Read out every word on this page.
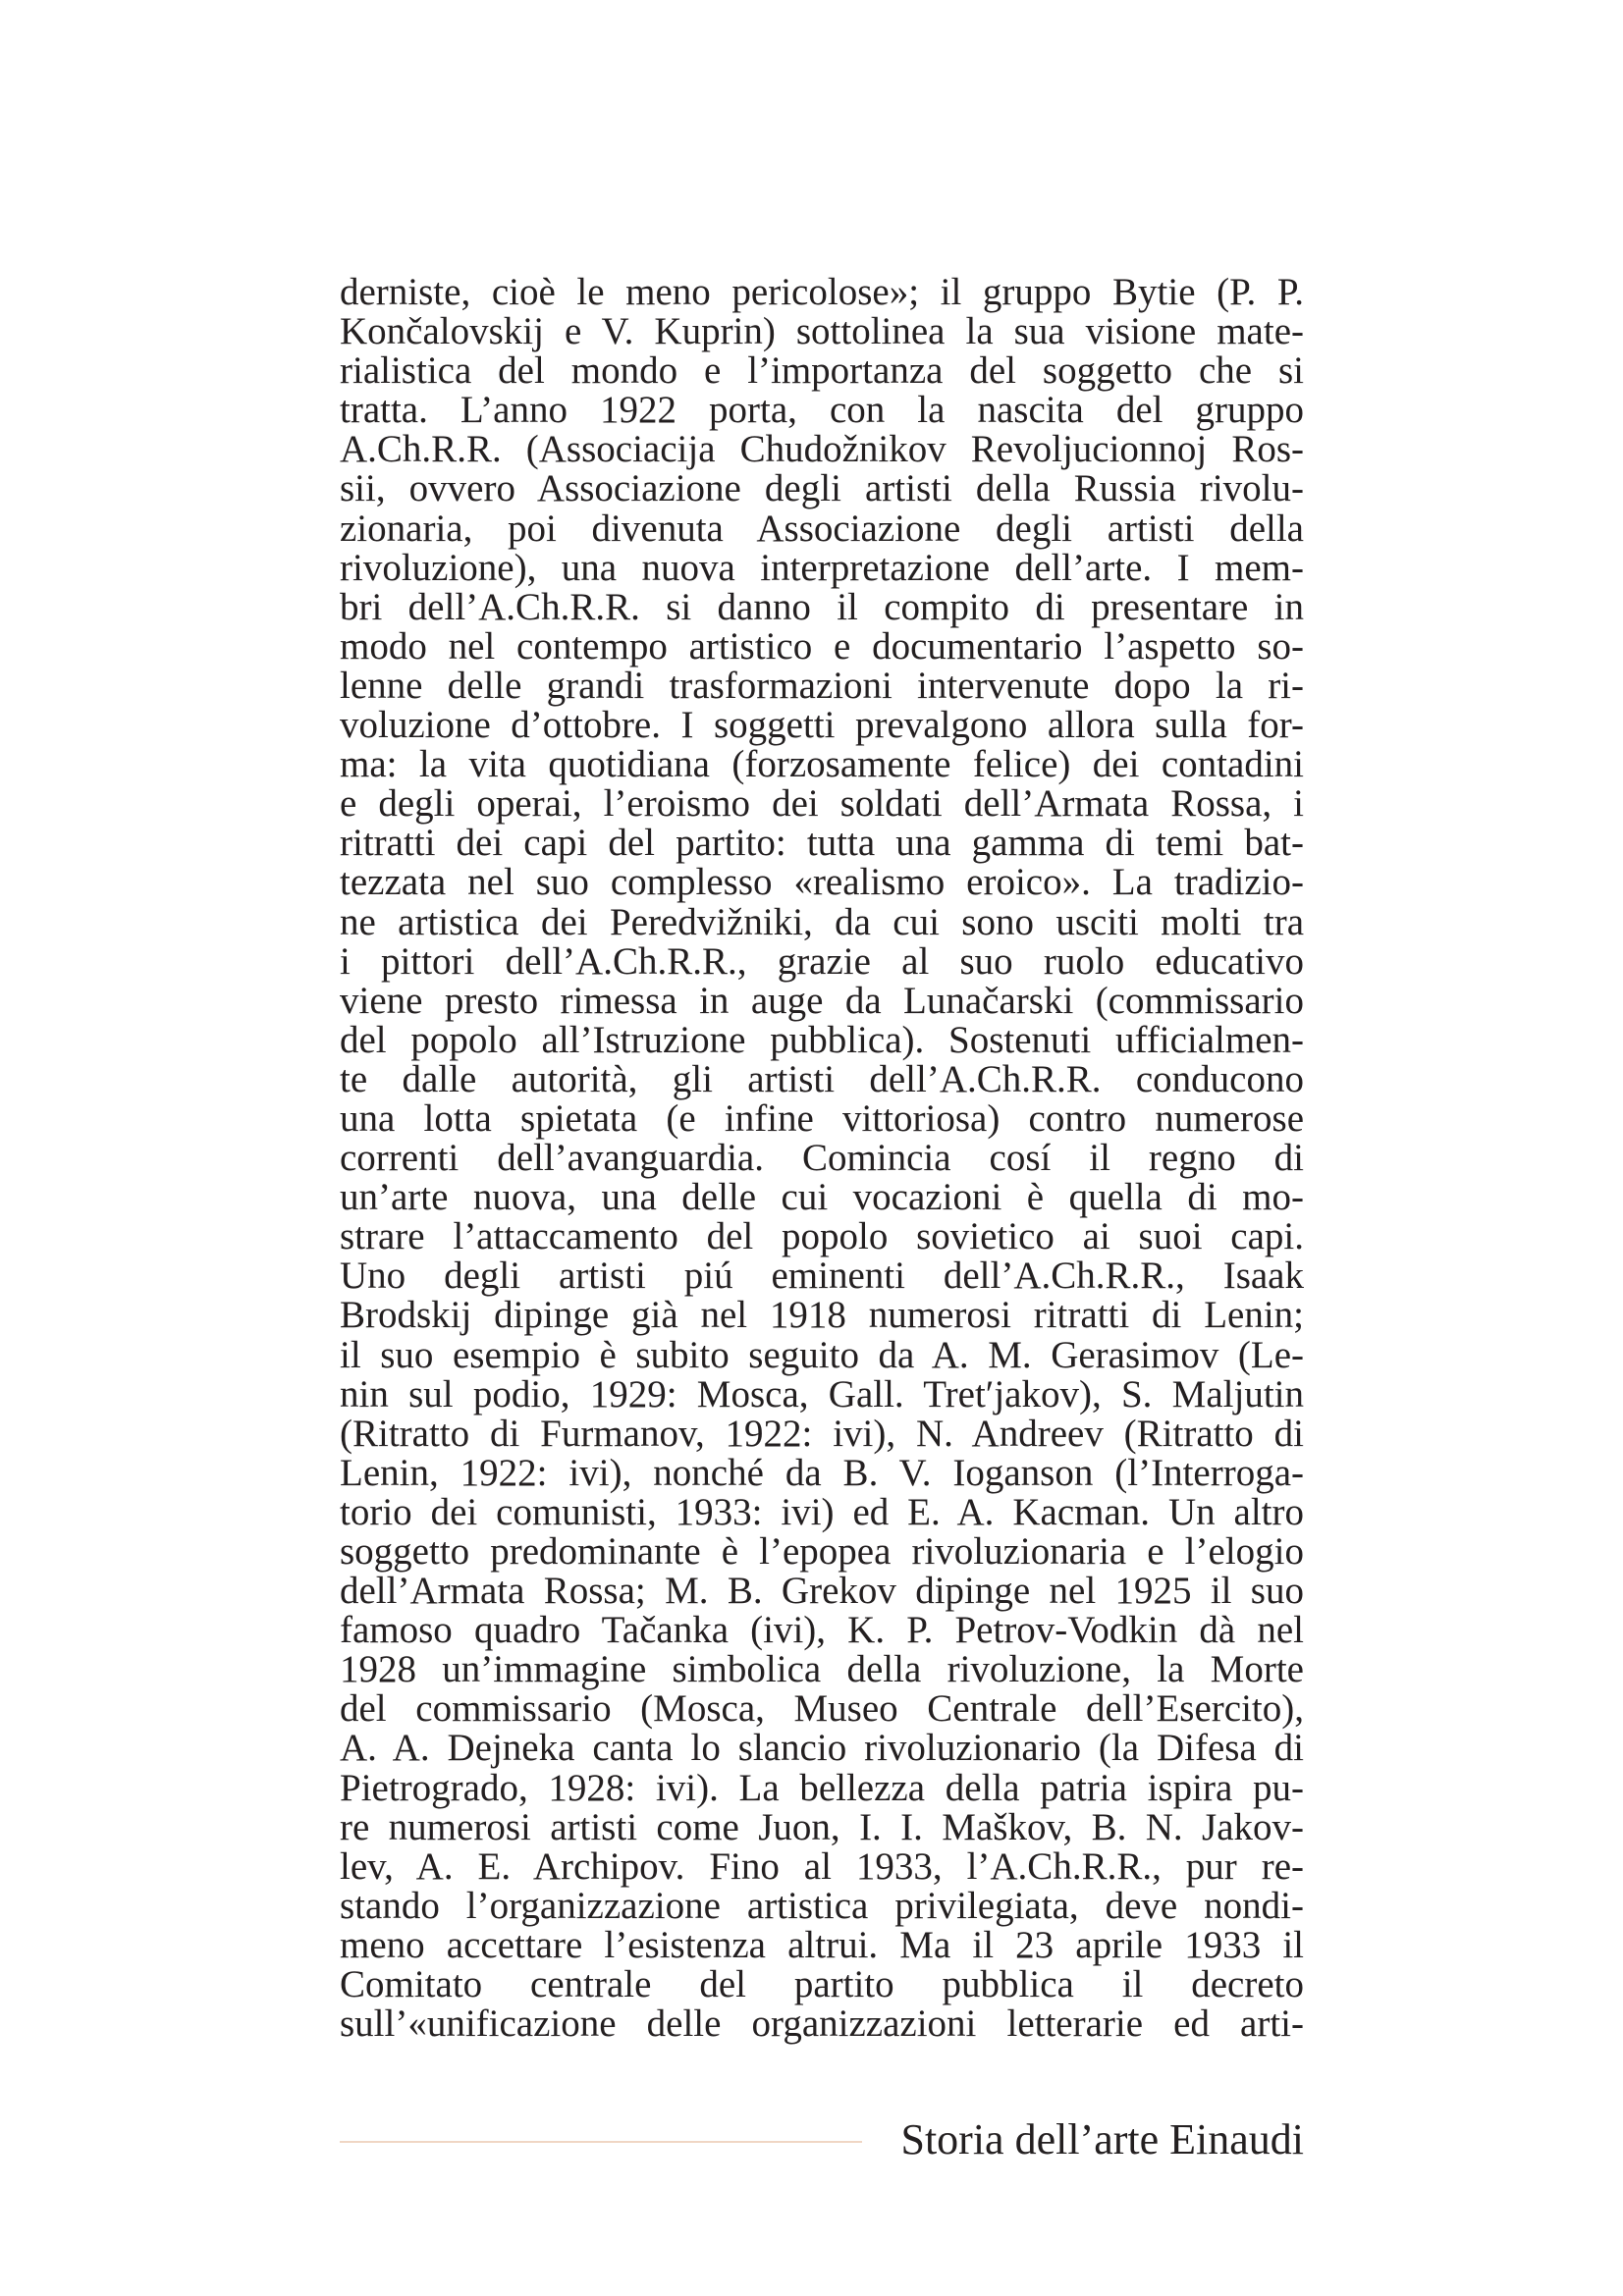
derniste, cioè le meno pericolose»; il gruppo Bytie (P. P.
Končalovskij e V. Kuprin) sottolinea la sua visione mate-
rialistica del mondo e l’importanza del soggetto che si
tratta. L’anno 1922 porta, con la nascita del gruppo
A.Ch.R.R. (Associacija Chudožnikov Revoljucionnoj Ros-
sii, ovvero Associazione degli artisti della Russia rivolu-
zionaria, poi divenuta Associazione degli artisti della
rivoluzione), una nuova interpretazione dell’arte. I mem-
bri dell’A.Ch.R.R. si danno il compito di presentare in
modo nel contempo artistico e documentario l’aspetto so-
lenne delle grandi trasformazioni intervenute dopo la ri-
voluzione d’ottobre. I soggetti prevalgono allora sulla for-
ma: la vita quotidiana (forzosamente felice) dei contadini
e degli operai, l’eroismo dei soldati dell’Armata Rossa, i
ritratti dei capi del partito: tutta una gamma di temi bat-
tezzata nel suo complesso «realismo eroico». La tradizio-
ne artistica dei Peredvižniki, da cui sono usciti molti tra
i pittori dell’A.Ch.R.R., grazie al suo ruolo educativo
viene presto rimessa in auge da Lunačarski (commissario
del popolo all’Istruzione pubblica). Sostenuti ufficialmen-
te dalle autorità, gli artisti dell’A.Ch.R.R. conducono
una lotta spietata (e infine vittoriosa) contro numerose
correnti dell’avanguardia. Comincia cosí il regno di
un’arte nuova, una delle cui vocazioni è quella di mo-
strare l’attaccamento del popolo sovietico ai suoi capi.
Uno degli artisti piú eminenti dell’A.Ch.R.R., Isaak
Brodskij dipinge già nel 1918 numerosi ritratti di Lenin;
il suo esempio è subito seguito da A. M. Gerasimov (Le-
nin sul podio, 1929: Mosca, Gall. Tret′jakov), S. Maljutin
(Ritratto di Furmanov, 1922: ivi), N. Andreev (Ritratto di
Lenin, 1922: ivi), nonché da B. V. Ioganson (l’Interroga-
torio dei comunisti, 1933: ivi) ed E. A. Kacman. Un altro
soggetto predominante è l’epopea rivoluzionaria e l’elogio
dell’Armata Rossa; M. B. Grekov dipinge nel 1925 il suo
famoso quadro Tačanka (ivi), K. P. Petrov-Vodkin dà nel
1928 un’immagine simbolica della rivoluzione, la Morte
del commissario (Mosca, Museo Centrale dell’Esercito),
A. A. Dejneka canta lo slancio rivoluzionario (la Difesa di
Pietrogrado, 1928: ivi). La bellezza della patria ispira pu-
re numerosi artisti come Juon, I. I. Maškov, B. N. Jakov-
lev, A. E. Archipov. Fino al 1933, l’A.Ch.R.R., pur re-
stando l’organizzazione artistica privilegiata, deve nondi-
meno accettare l’esistenza altrui. Ma il 23 aprile 1933 il
Comitato centrale del partito pubblica il decreto
sull’«unificazione delle organizzazioni letterarie ed arti-
Storia dell’arte Einaudi
